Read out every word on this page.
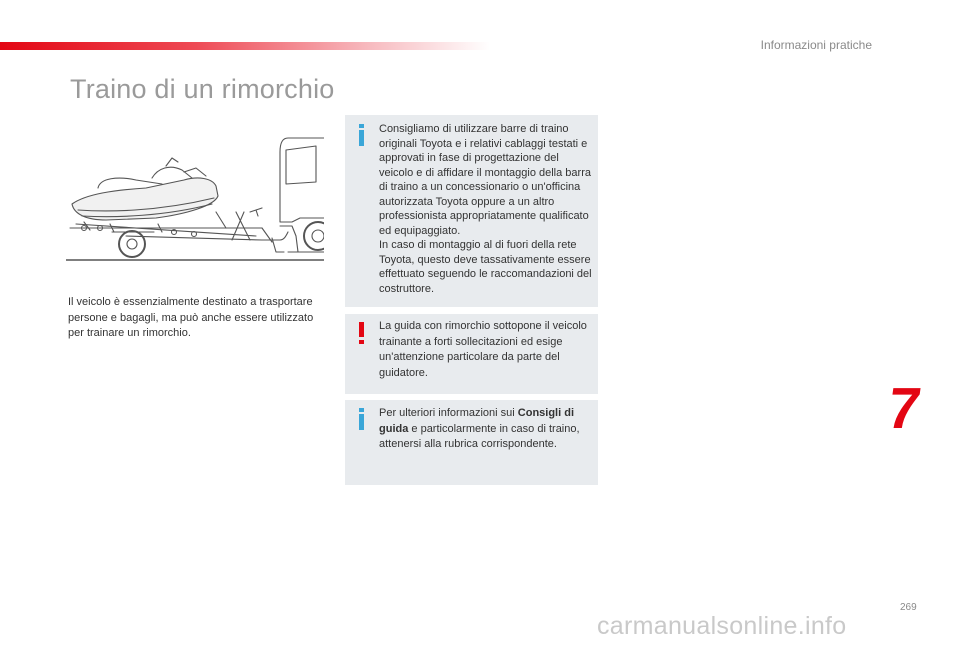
Informazioni pratiche
Traino di un rimorchio

Il veicolo è essenzialmente destinato a trasportare persone e bagagli, ma può anche essere utilizzato per trainare un rimorchio.

Consigliamo di utilizzare barre di traino originali Toyota e i relativi cablaggi testati e approvati in fase di progettazione del veicolo e di affidare il montaggio della barra di traino a un concessionario o un'officina autorizzata Toyota oppure a un altro professionista appropriatamente qualificato ed equipaggiato.
In caso di montaggio al di fuori della rete Toyota, questo deve tassativamente essere effettuato seguendo le raccomandazioni del costruttore.

La guida con rimorchio sottopone il veicolo trainante a forti sollecitazioni ed esige un'attenzione particolare da parte del guidatore.

Per ulteriori informazioni sui Consigli di guida e particolarmente in caso di traino, attenersi alla rubrica corrispondente.

7
269
carmanualsonline.info
